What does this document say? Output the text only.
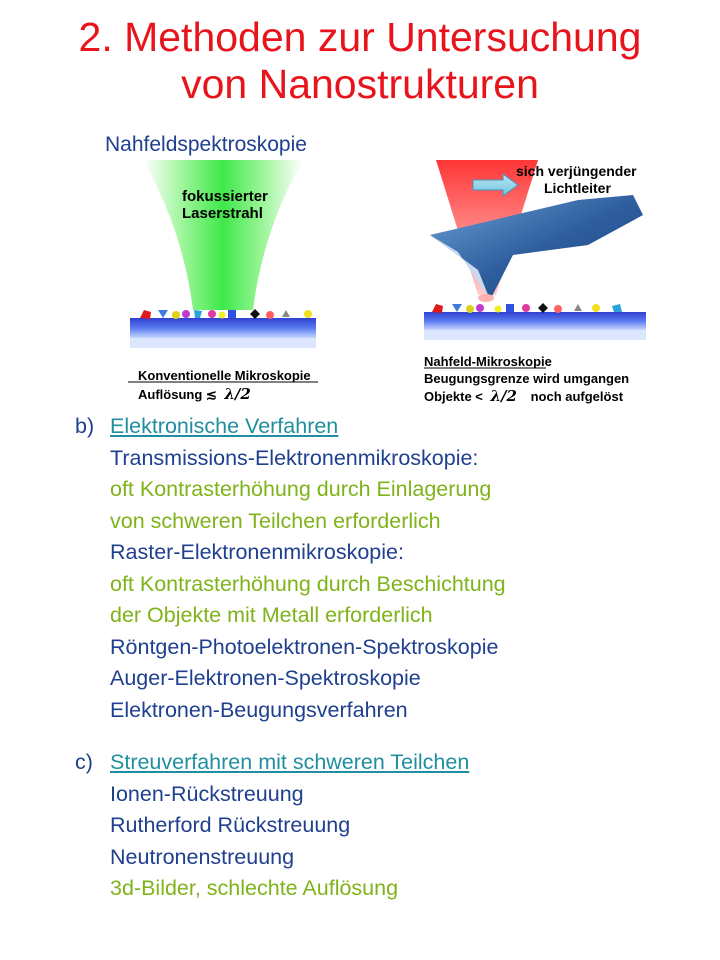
2. Methoden zur Untersuchung
von Nanostrukturen
Nahfeldspektroskopie
fokussierter
Laserstrahl
Konventionelle Mikroskopie
Auflösung ≲ λ/2
sich verjüngender
Lichtleiter
Nahfeld-Mikroskopie
Beugungsgrenze wird umgangen
Objekte < λ/2 noch aufgelöst
b) Elektronische Verfahren
Transmissions-Elektronenmikroskopie:
oft Kontrasterhöhung durch Einlagerung
von schweren Teilchen erforderlich
Raster-Elektronenmikroskopie:
oft Kontrasterhöhung durch Beschichtung
der Objekte mit Metall erforderlich
Röntgen-Photoelektronen-Spektroskopie
Auger-Elektronen-Spektroskopie
Elektronen-Beugungsverfahren
c) Streuverfahren mit schweren Teilchen
Ionen-Rückstreuung
Rutherford Rückstreuung
Neutronenstreuung
3d-Bilder, schlechte Auflösung
